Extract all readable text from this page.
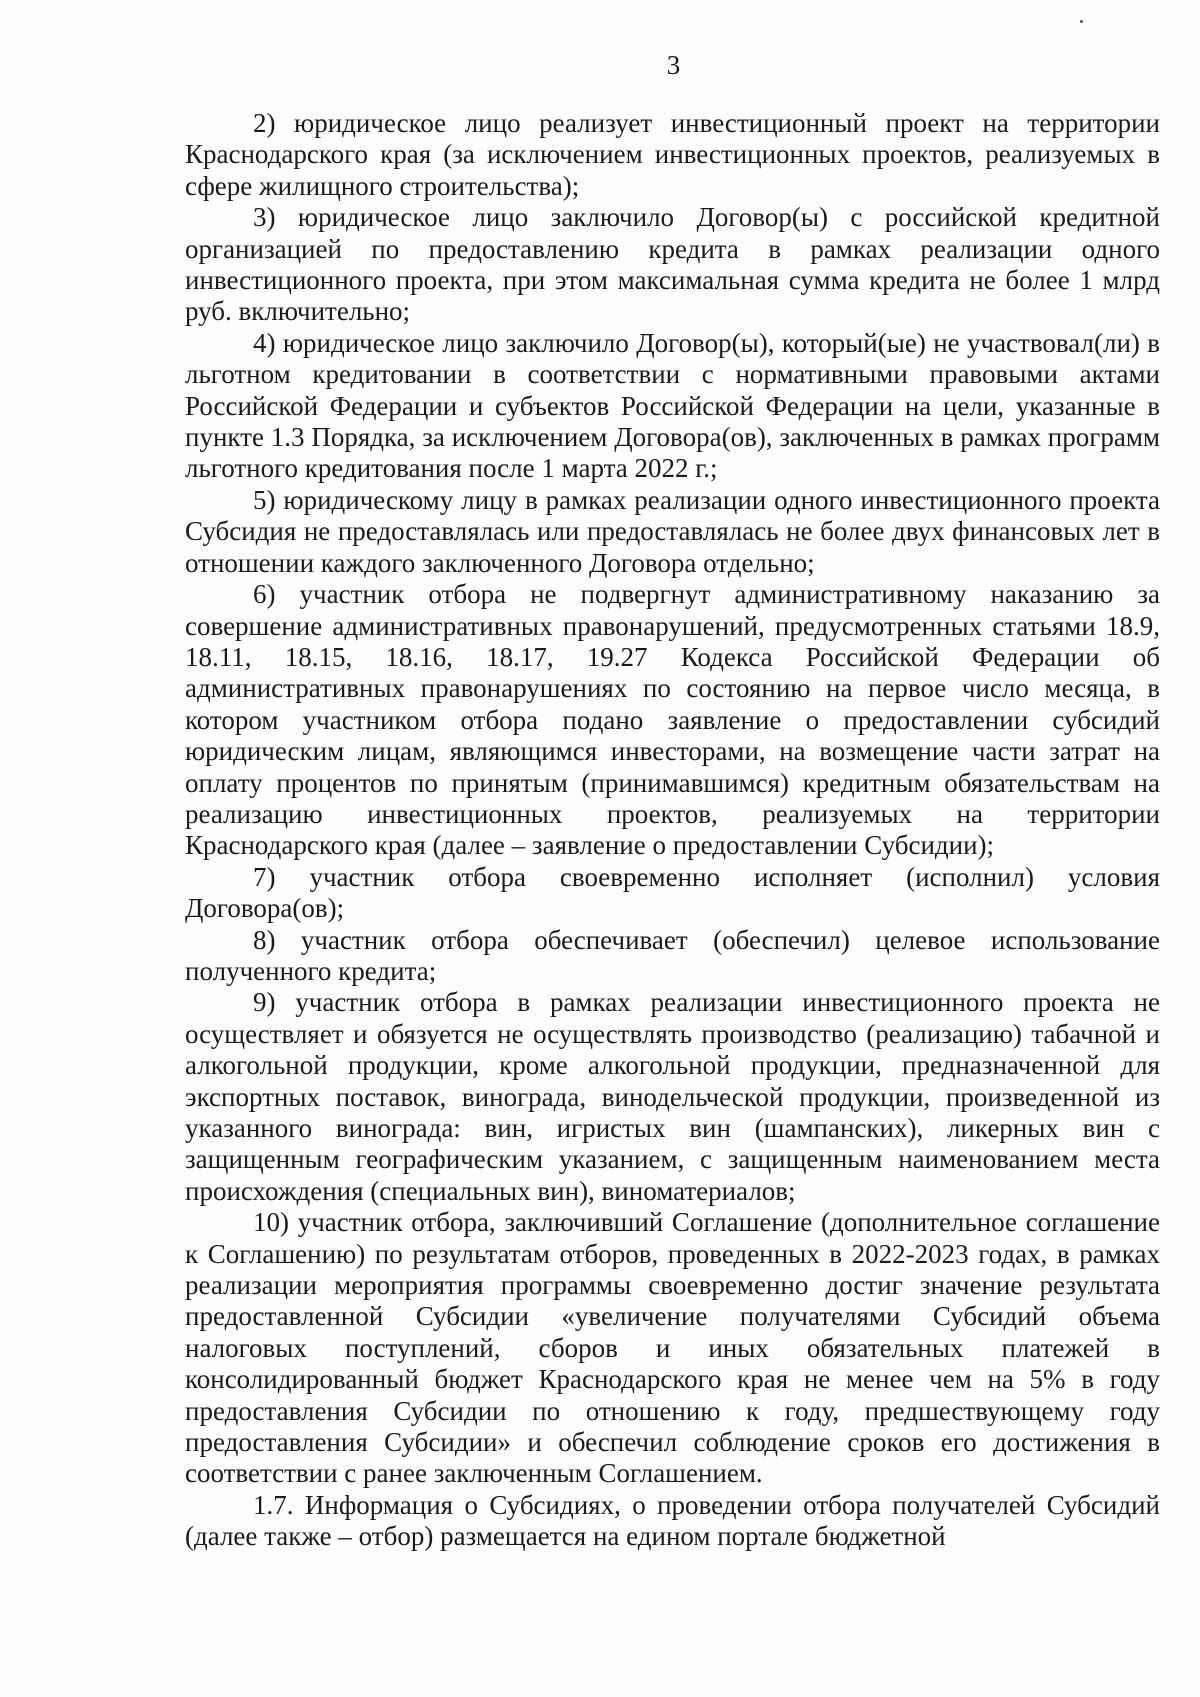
3

2) юридическое лицо реализует инвестиционный проект на территории Краснодарского края (за исключением инвестиционных проектов, реализуемых в сфере жилищного строительства);

3) юридическое лицо заключило Договор(ы) с российской кредитной организацией по предоставлению кредита в рамках реализации одного инвестиционного проекта, при этом максимальная сумма кредита не более 1 млрд руб. включительно;

4) юридическое лицо заключило Договор(ы), который(ые) не участвовал(ли) в льготном кредитовании в соответствии с нормативными правовыми актами Российской Федерации и субъектов Российской Федерации на цели, указанные в пункте 1.3 Порядка, за исключением Договора(ов), заключенных в рамках программ льготного кредитования после 1 марта 2022 г.;

5) юридическому лицу в рамках реализации одного инвестиционного проекта Субсидия не предоставлялась или предоставлялась не более двух финансовых лет в отношении каждого заключенного Договора отдельно;

6) участник отбора не подвергнут административному наказанию за совершение административных правонарушений, предусмотренных статьями 18.9, 18.11, 18.15, 18.16, 18.17, 19.27 Кодекса Российской Федерации об административных правонарушениях по состоянию на первое число месяца, в котором участником отбора подано заявление о предоставлении субсидий юридическим лицам, являющимся инвесторами, на возмещение части затрат на оплату процентов по принятым (принимавшимся) кредитным обязательствам на реализацию инвестиционных проектов, реализуемых на территории Краснодарского края (далее – заявление о предоставлении Субсидии);

7) участник отбора своевременно исполняет (исполнил) условия Договора(ов);

8) участник отбора обеспечивает (обеспечил) целевое использование полученного кредита;

9) участник отбора в рамках реализации инвестиционного проекта не осуществляет и обязуется не осуществлять производство (реализацию) табачной и алкогольной продукции, кроме алкогольной продукции, предназначенной для экспортных поставок, винограда, винодельческой продукции, произведенной из указанного винограда: вин, игристых вин (шампанских), ликерных вин с защищенным географическим указанием, с защищенным наименованием места происхождения (специальных вин), виноматериалов;

10) участник отбора, заключивший Соглашение (дополнительное соглашение к Соглашению) по результатам отборов, проведенных в 2022-2023 годах, в рамках реализации мероприятия программы своевременно достиг значение результата предоставленной Субсидии «увеличение получателями Субсидий объема налоговых поступлений, сборов и иных обязательных платежей в консолидированный бюджет Краснодарского края не менее чем на 5% в году предоставления Субсидии по отношению к году, предшествующему году предоставления Субсидии» и обеспечил соблюдение сроков его достижения в соответствии с ранее заключенным Соглашением.

1.7. Информация о Субсидиях, о проведении отбора получателей Субсидий (далее также – отбор) размещается на едином портале бюджетной
